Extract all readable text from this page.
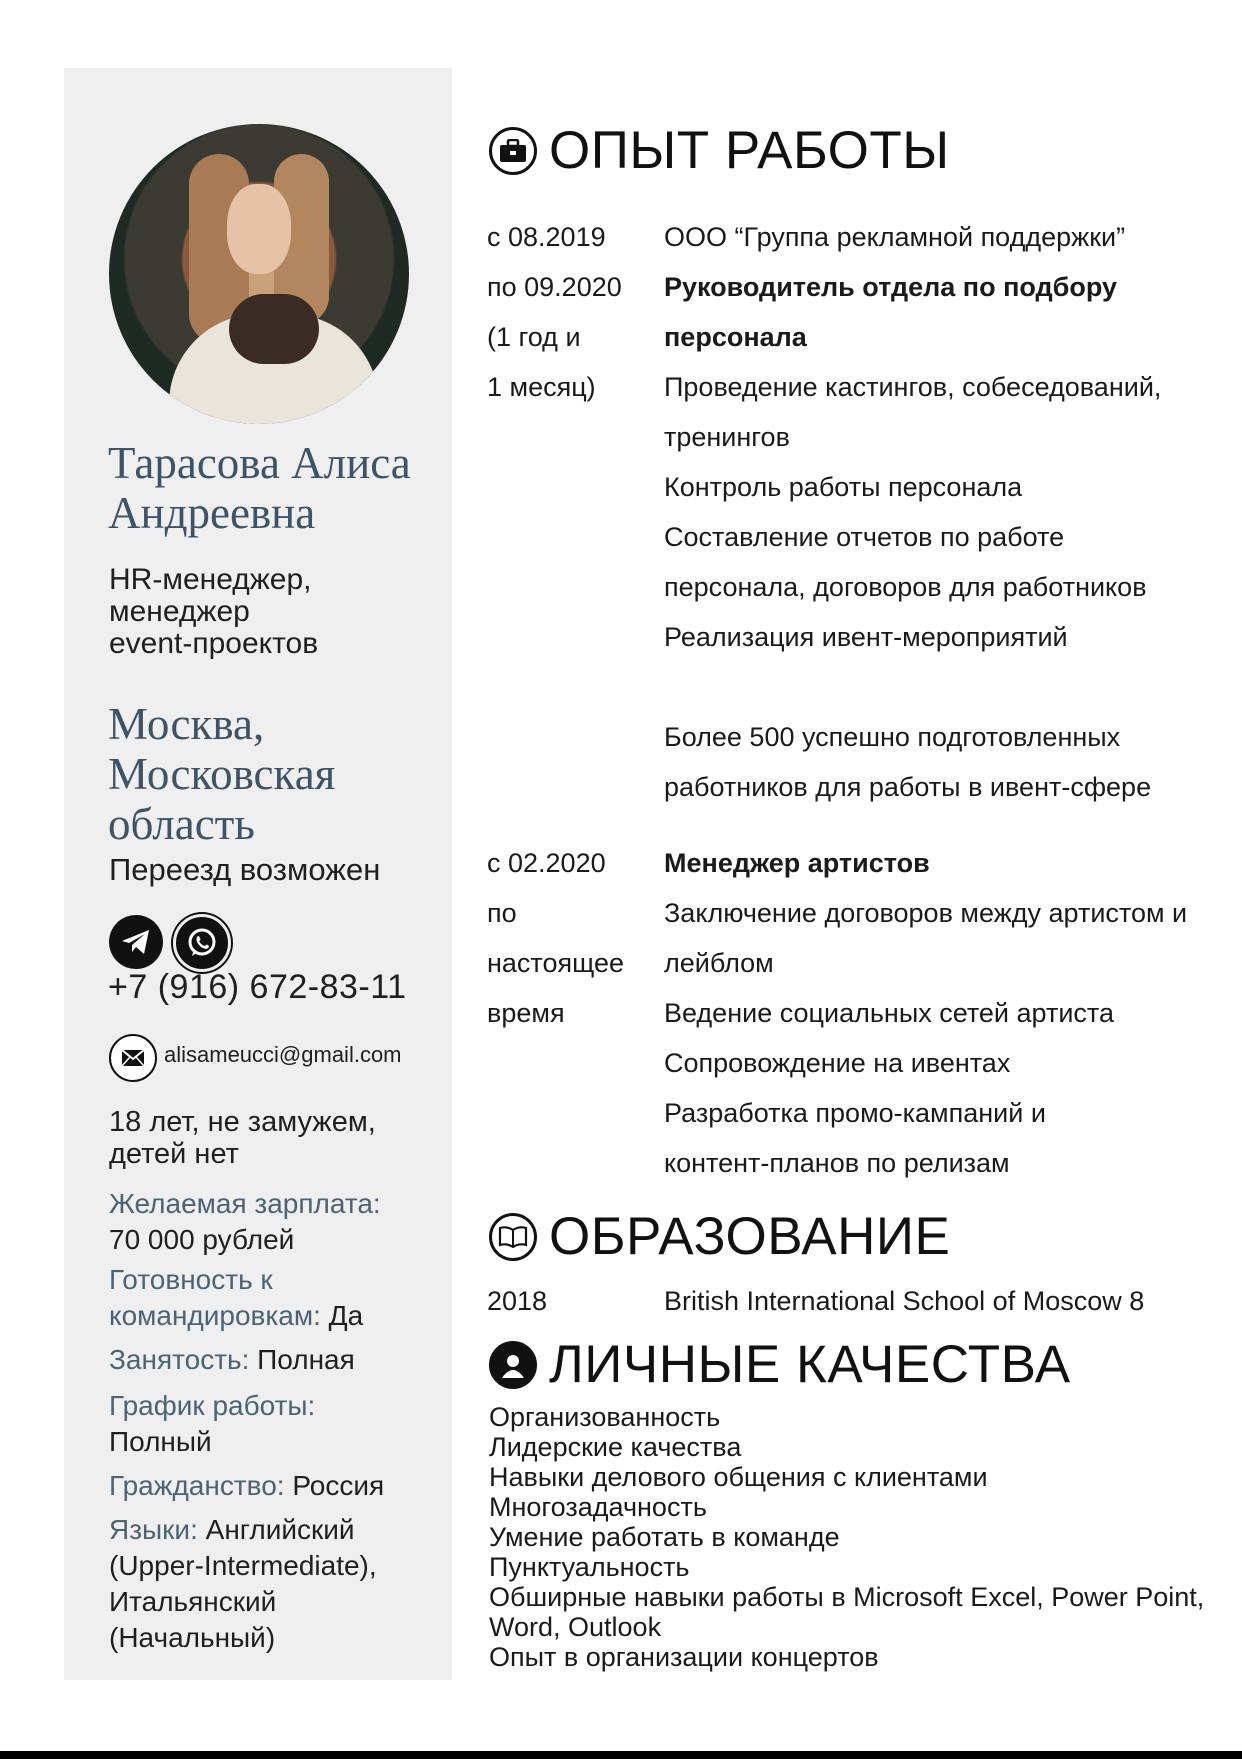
Тарасова Алиса
Андреевна
HR-менеджер,
менеджер
event-проектов
Москва,
Московская
область
Переезд возможен
+7 (916) 672-83-11
alisameucci@gmail.com
18 лет, не замужем,
детей нет
Желаемая зарплата:
70 000 рублей
Готовность к
командировкам: Да
Занятость: Полная
График работы:
Полный
Гражданство: Россия
Языки: Английский
(Upper-Intermediate),
Итальянский
(Начальный)
ОПЫТ РАБОТЫ
с 08.2019
по 09.2020
(1 год и
1 месяц)
ООО “Группа рекламной поддержки”
Руководитель отдела по подбору
персонала
Проведение кастингов, собеседований,
тренингов
Контроль работы персонала
Составление отчетов по работе
персонала, договоров для работников
Реализация ивент-мероприятий
Более 500 успешно подготовленных
работников для работы в ивент-сфере
с 02.2020
по
настоящее
время
Менеджер артистов
Заключение договоров между артистом и
лейблом
Ведение социальных сетей артиста
Сопровождение на ивентах
Разработка промо-кампаний и
контент-планов по релизам
ОБРАЗОВАНИЕ
2018	British International School of Moscow 8
ЛИЧНЫЕ КАЧЕСТВА
Организованность
Лидерские качества
Навыки делового общения с клиентами
Многозадачность
Умение работать в команде
Пунктуальность
Обширные навыки работы в Microsoft Excel, Power Point,
Word, Outlook
Опыт в организации концертов
